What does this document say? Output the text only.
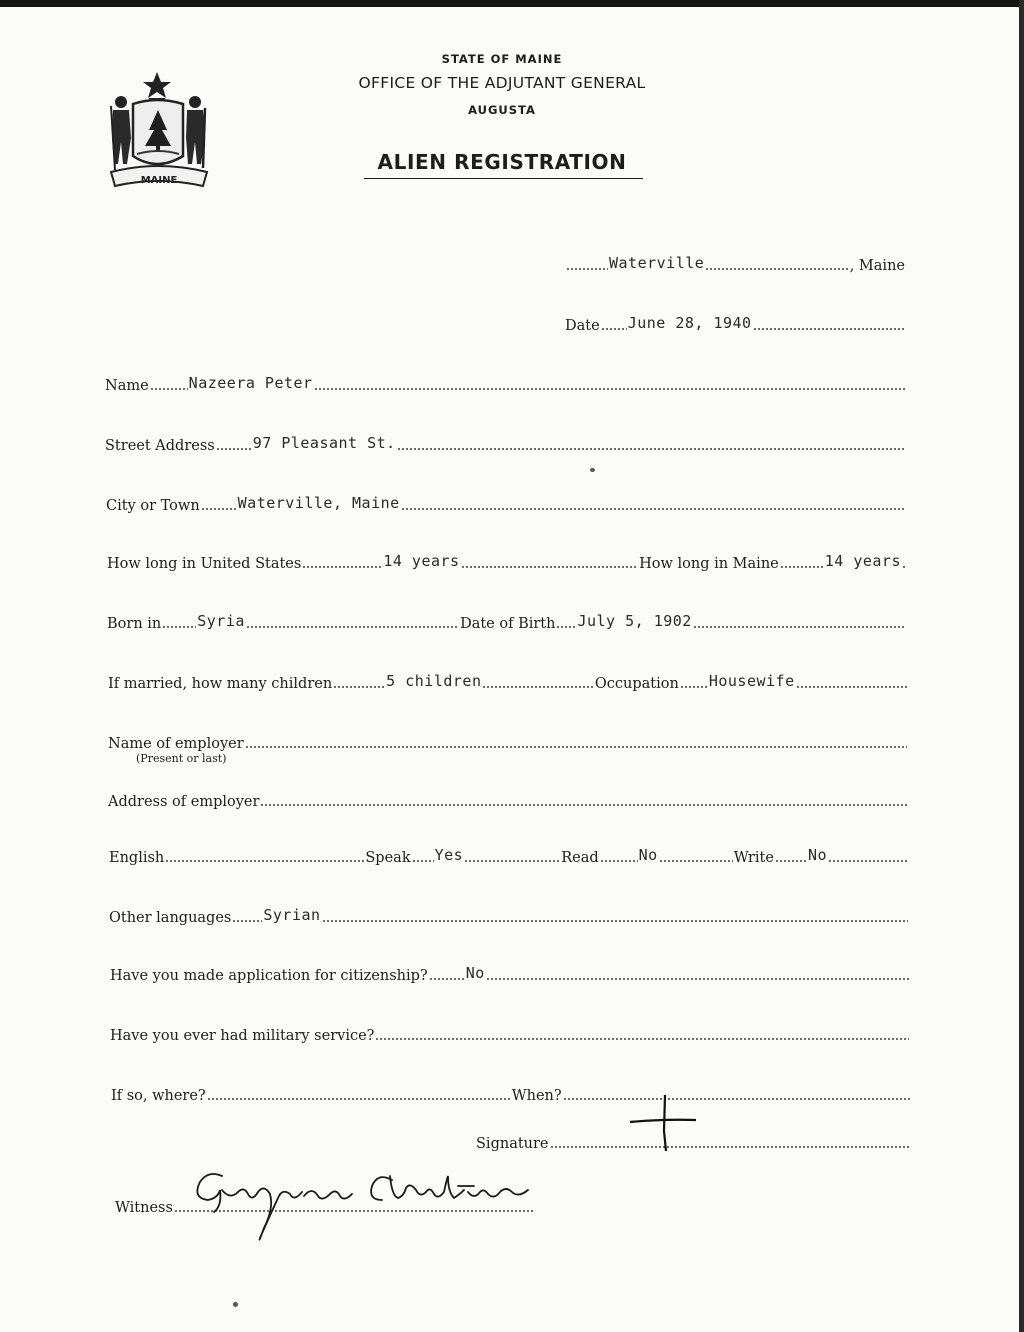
MAINE
STATE OF MAINE
OFFICE OF THE ADJUTANT GENERAL
AUGUSTA
ALIEN REGISTRATION
Waterville	, Maine
Date June 28, 1940
Name	Nazeera Peter
Street Address	97 Pleasant St.
City or Town	Waterville, Maine
How long in United States	14 years	How long in Maine	14 years
Born in Syria	Date of Birth July 5, 1902
If married, how many children	5 children	Occupation Housewife
Name of employer
(Present or last)
Address of employer
English	Speak Yes	Read	No	Write No
Other languages Syrian
Have you made application for citizenship?	No
Have you ever had military service?
If so, where?	When?
Signature
Witness
